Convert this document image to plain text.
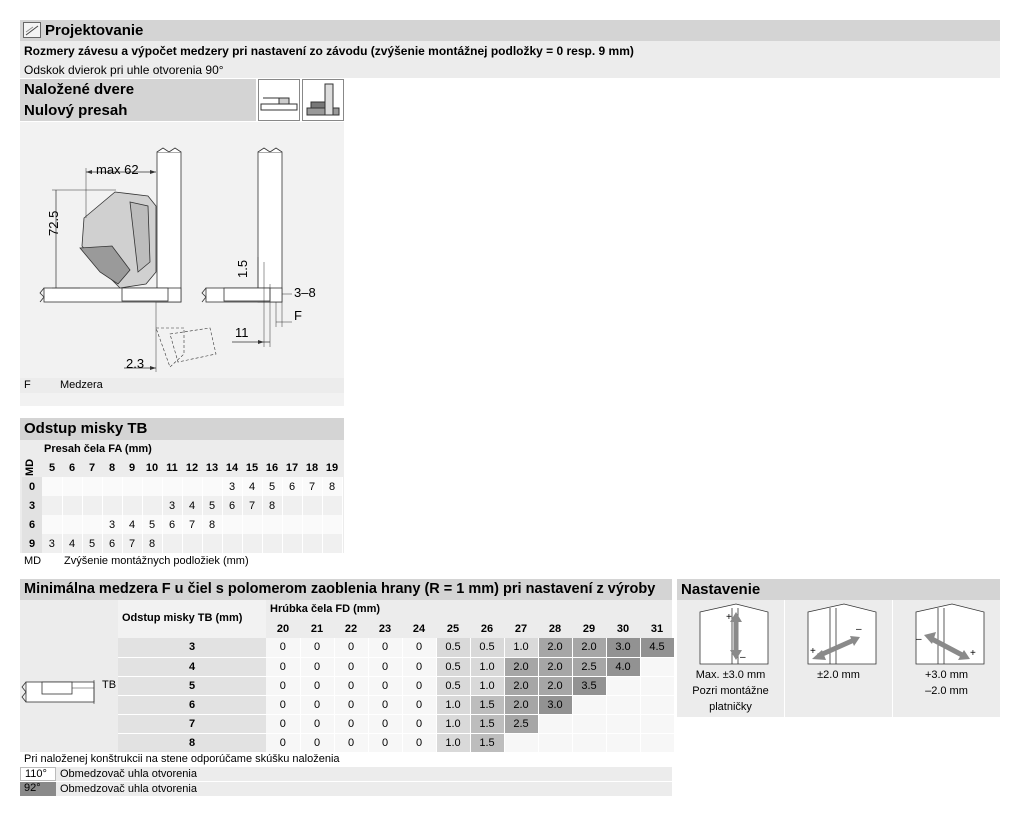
Projektovanie
Rozmery závesu a výpočet medzery pri nastavení zo závodu (zvýšenie montážnej podložky = 0 resp. 9 mm)
Odskok dvierok pri uhle otvorenia 90°
Naložené dvere
Nulový presah
max 62
72.5
1.5
3–8
F
11
2.3
F	Medzera
Odstup misky TB
MD
Presah čela FA (mm)
	5	6	7	8	9	10	11	12	13	14	15	16	17	18	19
0										3	4	5	6	7	8
3							3	4	5	6	7	8			
6				3	4	5	6	7	8						
9	3	4	5	6	7	8									
MD Zvýšenie montážnych podložiek (mm)
Minimálna medzera F u čiel s polomerom zaoblenia hrany (R = 1 mm) pri nastavení z výroby
Odstup misky TB (mm)
Hrúbka čela FD (mm)
TB
	20	21	22	23	24	25	26	27	28	29	30	31
3	0	0	0	0	0	0.5	0.5	1.0	2.0	2.0	3.0	4.5
4	0	0	0	0	0	0.5	1.0	2.0	2.0	2.5	4.0	
5	0	0	0	0	0	0.5	1.0	2.0	2.0	3.5		
6	0	0	0	0	0	1.0	1.5	2.0	3.0			
7	0	0	0	0	0	1.0	1.5	2.5				
8	0	0	0	0	0	1.0	1.5					
Pri naloženej konštrukcii na stene odporúčame skúšku naloženia
110°	Obmedzovač uhla otvorenia
92°	Obmedzovač uhla otvorenia
Nastavenie
+
–
Max. ±3.0 mm
Pozri montážne
platničky
+
–
±2.0 mm
–
+
+3.0 mm
–2.0 mm
